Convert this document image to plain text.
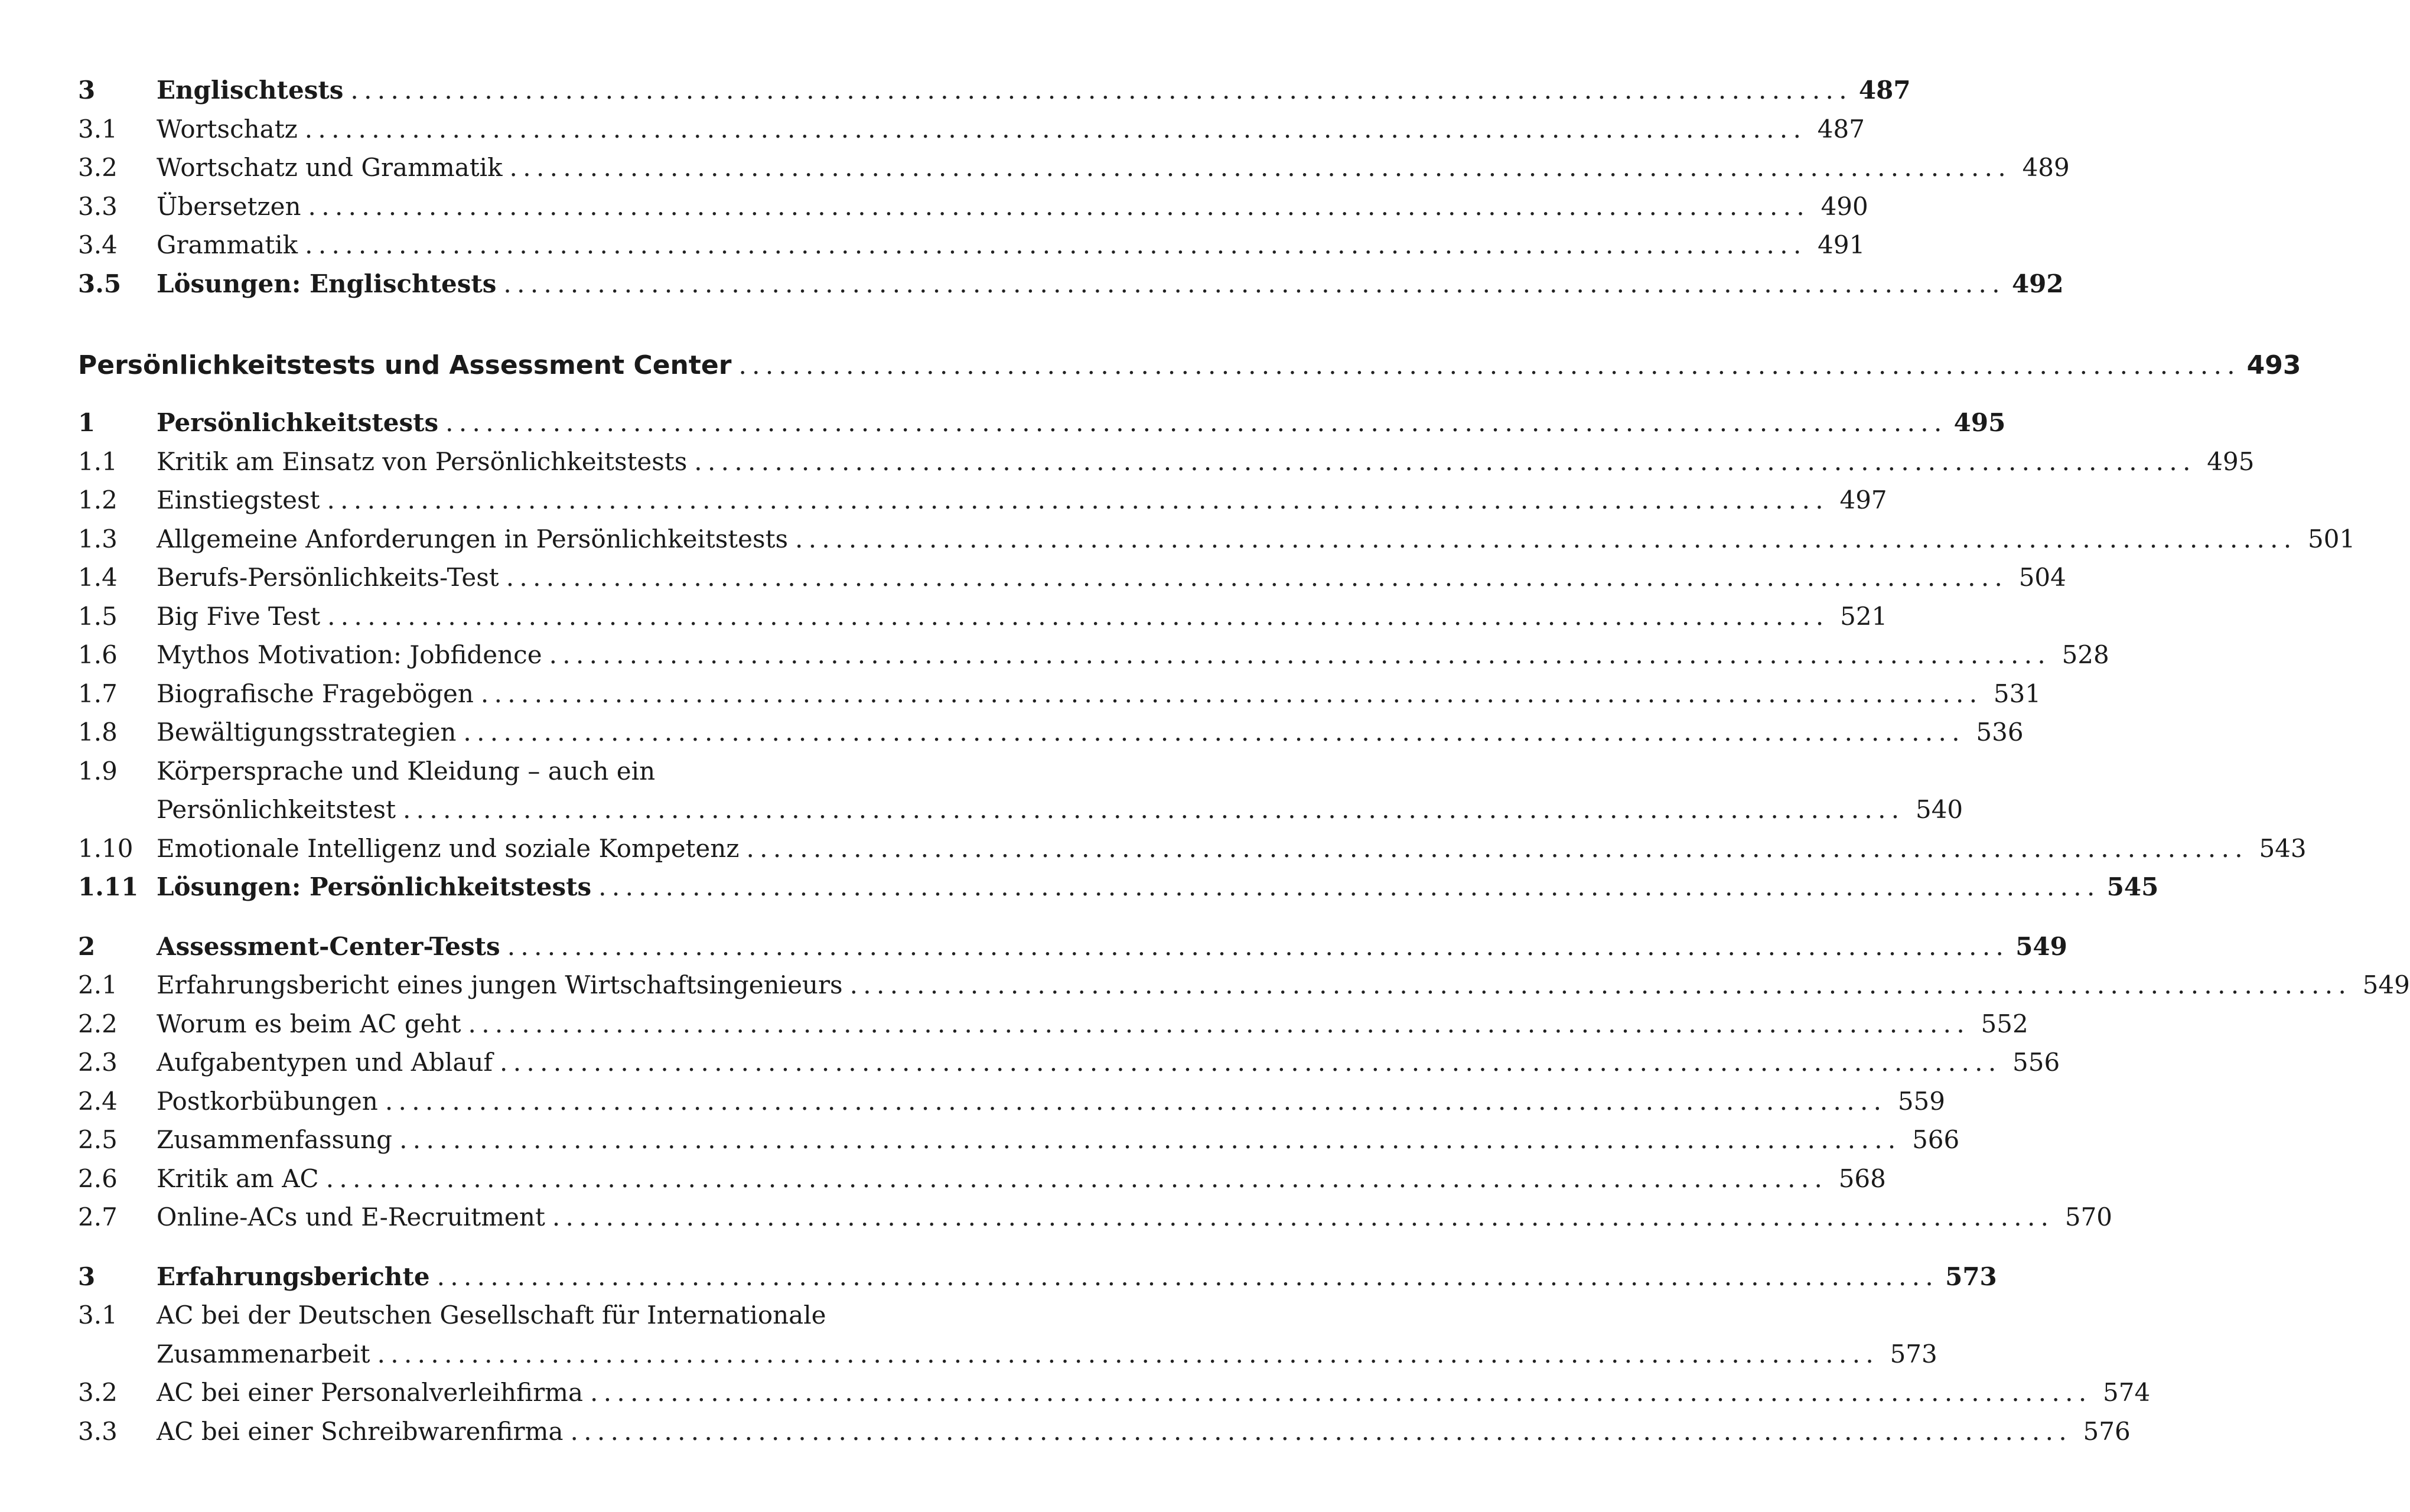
3	Englischtests . . .	487
3.1	Wortschatz . . .	487
3.2	Wortschatz und Grammatik . . .	489
3.3	Übersetzen . . .	490
3.4	Grammatik . . .	491
3.5	Lösungen: Englischtests . . .	492
Persönlichkeitstests und Assessment Center . . .	493
1	Persönlichkeitstests . . .	495
1.1	Kritik am Einsatz von Persönlichkeitstests . . .	495
1.2	Einstiegstest . . .	497
1.3	Allgemeine Anforderungen in Persönlichkeitstests . . .	501
1.4	Berufs-Persönlichkeits-Test . . .	504
1.5	Big Five Test . . .	521
1.6	Mythos Motivation: Jobfidence . . .	528
1.7	Biografische Fragebögen . . .	531
1.8	Bewältigungsstrategien . . .	536
1.9	Körpersprache und Kleidung – auch ein
Persönlichkeitstest . . .	540
1.10 Emotionale Intelligenz und soziale Kompetenz . . .	543
1.11 Lösungen: Persönlichkeitstests . . .	545
2	Assessment-Center-Tests . . .	549
2.1	Erfahrungsbericht eines jungen Wirtschaftsingenieurs . . .	549
2.2	Worum es beim AC geht . . .	552
2.3	Aufgabentypen und Ablauf . . .	556
2.4	Postkorbübungen . . .	559
2.5	Zusammenfassung . . .	566
2.6	Kritik am AC . . .	568
2.7	Online-ACs und E-Recruitment . . .	570
3	Erfahrungsberichte . . .	573
3.1	AC bei der Deutschen Gesellschaft für Internationale
Zusammenarbeit . . .	573
3.2	AC bei einer Personalverleihfirma . . .	574
3.3	AC bei einer Schreibwarenfirma . . .	576
